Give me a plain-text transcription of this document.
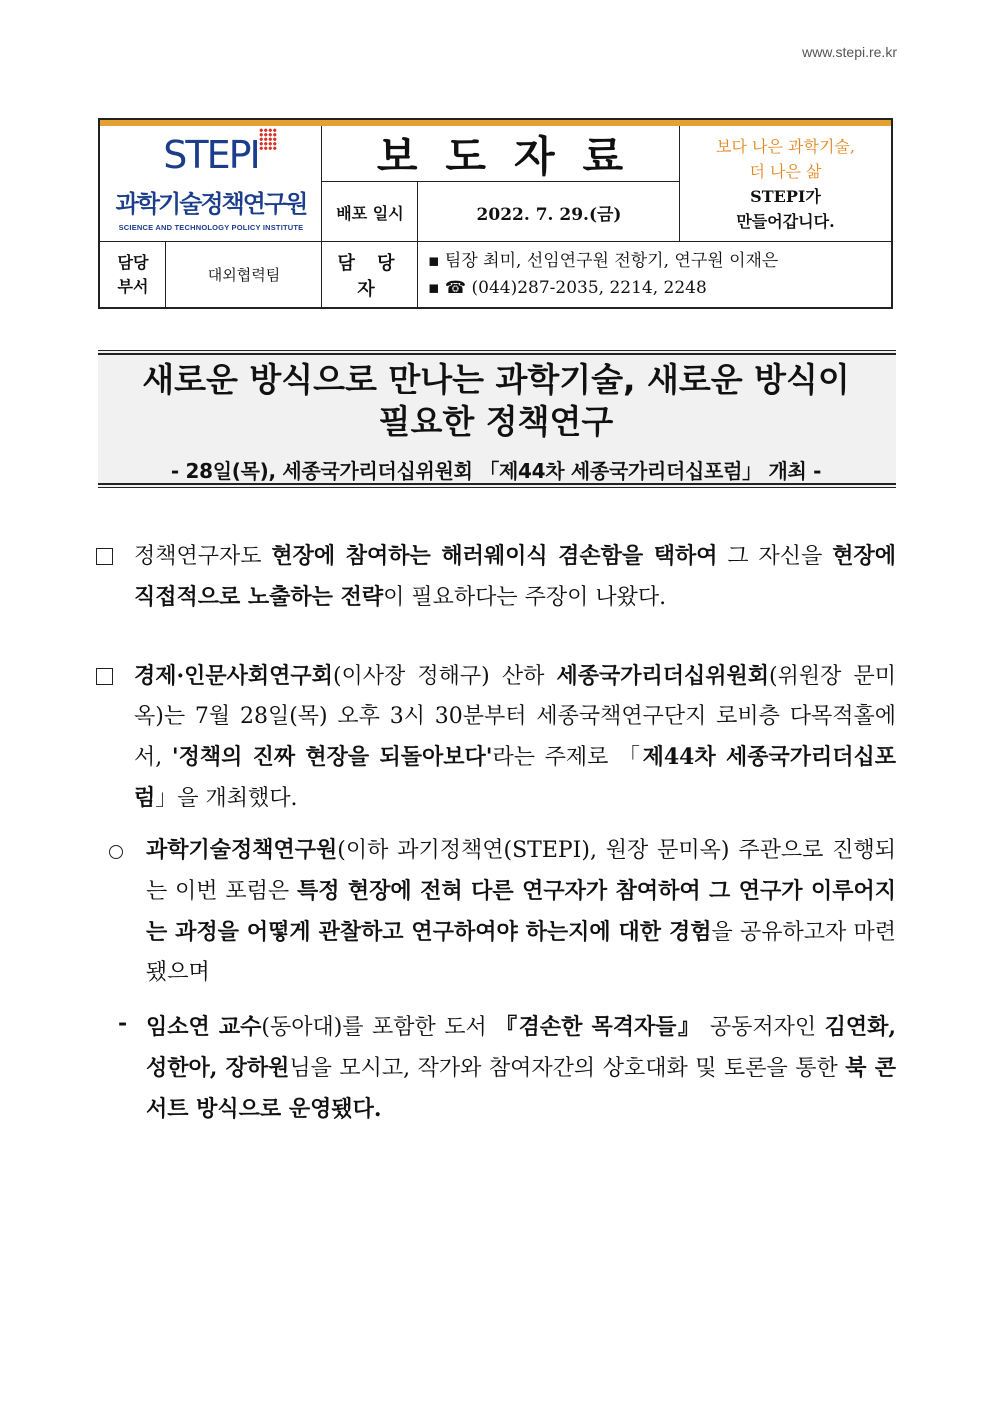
www.stepi.re.kr
STEPI
과학기술정책연구원
SCIENCE AND TECHNOLOGY POLICY INSTITUTE
보도자료	보다 나은 과학기술,
더 나은 삶
STEPI가
만들어갑니다.
배포 일시	2022. 7. 29.(금)
담당
부서
대외협력팀
담 당 자
▪ 팀장 최미, 선임연구원 전항기, 연구원 이재은
▪ ☎ (044)287-2035, 2214, 2248
새로운 방식으로 만나는 과학기술, 새로운 방식이
필요한 정책연구
- 28일(목), 세종국가리더십위원회 「제44차 세종국가리더십포럼」 개최 -
정책연구자도 현장에 참여하는 해러웨이식 겸손함을 택하여 그 자신을 현장에 직접적으로 노출하는 전략이 필요하다는 주장이 나왔다.
경제·인문사회연구회(이사장 정해구) 산하 세종국가리더십위원회(위원장 문미옥)는 7월 28일(목) 오후 3시 30분부터 세종국책연구단지 로비층 다목적홀에서, '정책의 진짜 현장을 되돌아보다'라는 주제로 「제44차 세종국가리더십포럼」을 개최했다.
과학기술정책연구원(이하 과기정책연(STEPI), 원장 문미옥) 주관으로 진행되는 이번 포럼은 특정 현장에 전혀 다른 연구자가 참여하여 그 연구가 이루어지는 과정을 어떻게 관찰하고 연구하여야 하는지에 대한 경험을 공유하고자 마련됐으며
- 임소연 교수(동아대)를 포함한 도서 『겸손한 목격자들』 공동저자인 김연화, 성한아, 장하원님을 모시고, 작가와 참여자간의 상호대화 및 토론을 통한 북 콘서트 방식으로 운영됐다.
